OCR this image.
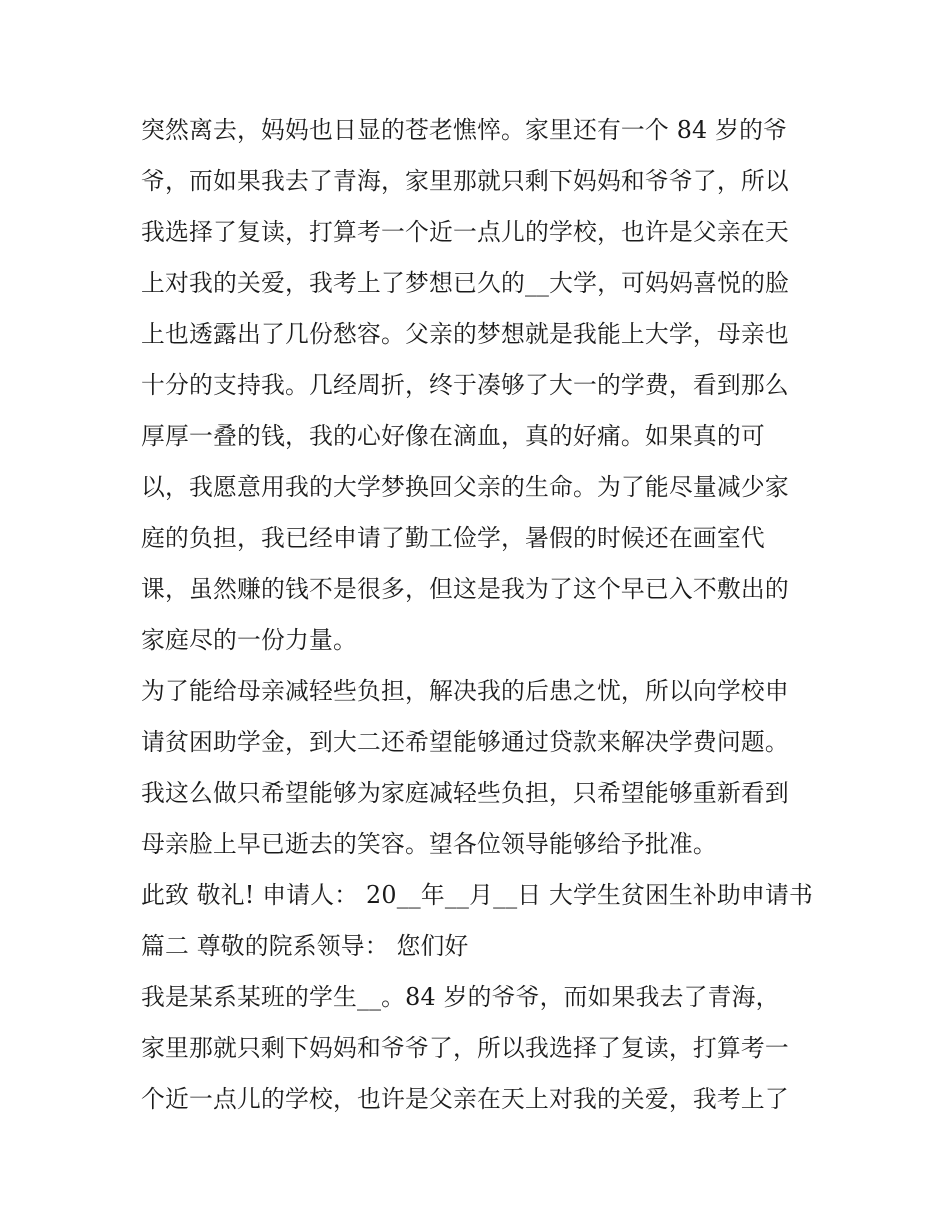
突然离去，妈妈也日显的苍老憔悴。家里还有一个 84 岁的爷
爷，而如果我去了青海，家里那就只剩下妈妈和爷爷了，所以
我选择了复读，打算考一个近一点儿的学校，也许是父亲在天
上对我的关爱，我考上了梦想已久的__大学，可妈妈喜悦的脸
上也透露出了几份愁容。父亲的梦想就是我能上大学，母亲也
十分的支持我。几经周折，终于凑够了大一的学费，看到那么
厚厚一叠的钱，我的心好像在滴血，真的好痛。如果真的可
以，我愿意用我的大学梦换回父亲的生命。为了能尽量减少家
庭的负担，我已经申请了勤工俭学，暑假的时候还在画室代
课，虽然赚的钱不是很多，但这是我为了这个早已入不敷出的
家庭尽的一份力量。
为了能给母亲减轻些负担，解决我的后患之忧，所以向学校申
请贫困助学金，到大二还希望能够通过贷款来解决学费问题。
我这么做只希望能够为家庭减轻些负担，只希望能够重新看到
母亲脸上早已逝去的笑容。望各位领导能够给予批准。
此致 敬礼! 申请人： 20__年__月__日 大学生贫困生补助申请书
篇二 尊敬的院系领导： 您们好
我是某系某班的学生__。84 岁的爷爷，而如果我去了青海，
家里那就只剩下妈妈和爷爷了，所以我选择了复读，打算考一
个近一点儿的学校，也许是父亲在天上对我的关爱，我考上了
